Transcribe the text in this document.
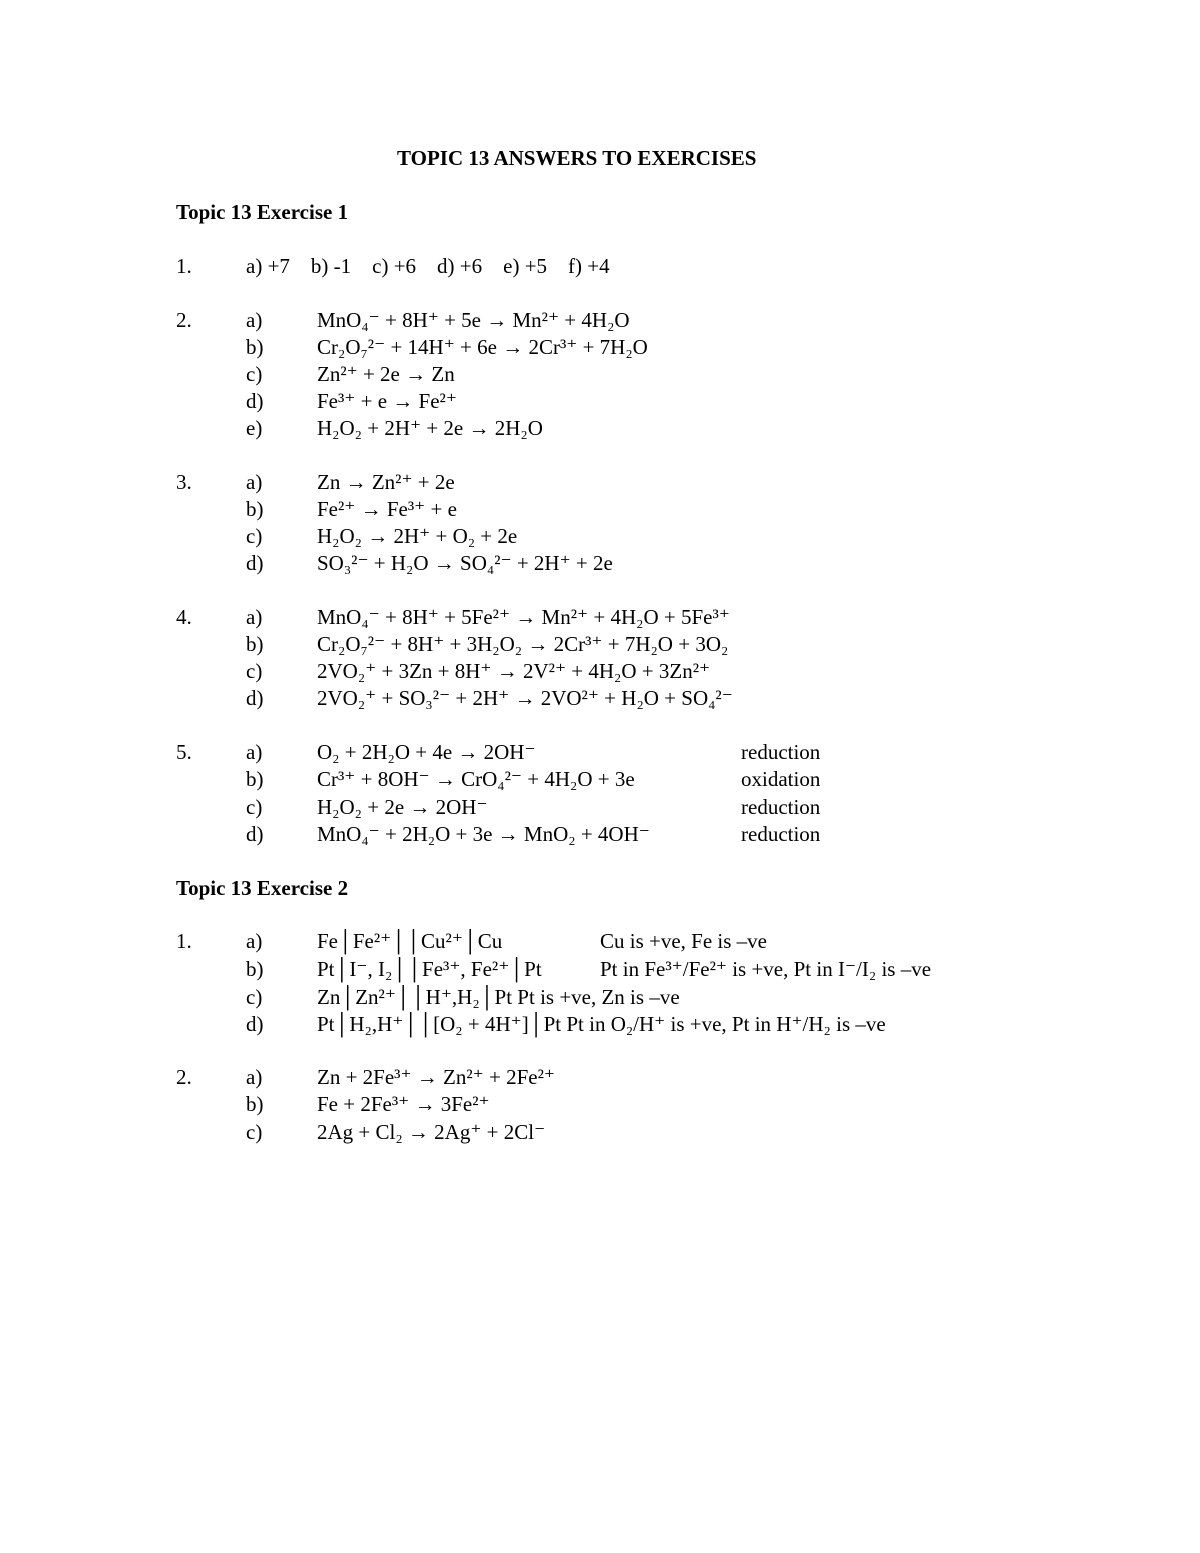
TOPIC 13 ANSWERS TO EXERCISES
Topic 13 Exercise 1
1.	a) +7    b) -1    c) +6    d) +6    e) +5    f) +4
2.	a)	MnO₄⁻ + 8H⁺ + 5e → Mn²⁺ + 4H₂O
b)	Cr₂O₇²⁻ + 14H⁺ + 6e → 2Cr³⁺ + 7H₂O
c)	Zn²⁺ + 2e → Zn
d)	Fe³⁺ + e → Fe²⁺
e)	H₂O₂ + 2H⁺ + 2e → 2H₂O
3.	a)	Zn → Zn²⁺ + 2e
b)	Fe²⁺ → Fe³⁺ + e
c)	H₂O₂ → 2H⁺ + O₂ + 2e
d)	SO₃²⁻ + H₂O → SO₄²⁻ + 2H⁺ + 2e
4.	a)	MnO₄⁻ + 8H⁺ + 5Fe²⁺ → Mn²⁺ + 4H₂O + 5Fe³⁺
b)	Cr₂O₇²⁻ + 8H⁺ + 3H₂O₂ → 2Cr³⁺ + 7H₂O + 3O₂
c)	2VO₂⁺ + 3Zn + 8H⁺ → 2V²⁺ + 4H₂O + 3Zn²⁺
d)	2VO₂⁺ + SO₃²⁻ + 2H⁺ → 2VO²⁺ + H₂O + SO₄²⁻
5.	a)	O₂ + 2H₂O + 4e → 2OH⁻	reduction
b)	Cr³⁺ + 8OH⁻ → CrO₄²⁻ + 4H₂O + 3e	oxidation
c)	H₂O₂ + 2e → 2OH⁻	reduction
d)	MnO₄⁻ + 2H₂O + 3e → MnO₂ + 4OH⁻	reduction
Topic 13 Exercise 2
1.	a)	Fe│Fe²⁺││Cu²⁺│Cu	Cu is +ve, Fe is –ve
b)	Pt│I⁻, I₂││Fe³⁺, Fe²⁺│Pt	Pt in Fe³⁺/Fe²⁺ is +ve, Pt in I⁻/I₂ is –ve
c)	Zn│Zn²⁺││H⁺,H₂│Pt Pt is +ve, Zn is –ve
d)	Pt│H₂,H⁺││[O₂ + 4H⁺]│Pt Pt in O₂/H⁺ is +ve, Pt in H⁺/H₂ is –ve
2.	a)	Zn + 2Fe³⁺ → Zn²⁺ + 2Fe²⁺
b)	Fe + 2Fe³⁺ → 3Fe²⁺
c)	2Ag + Cl₂ → 2Ag⁺ + 2Cl⁻
